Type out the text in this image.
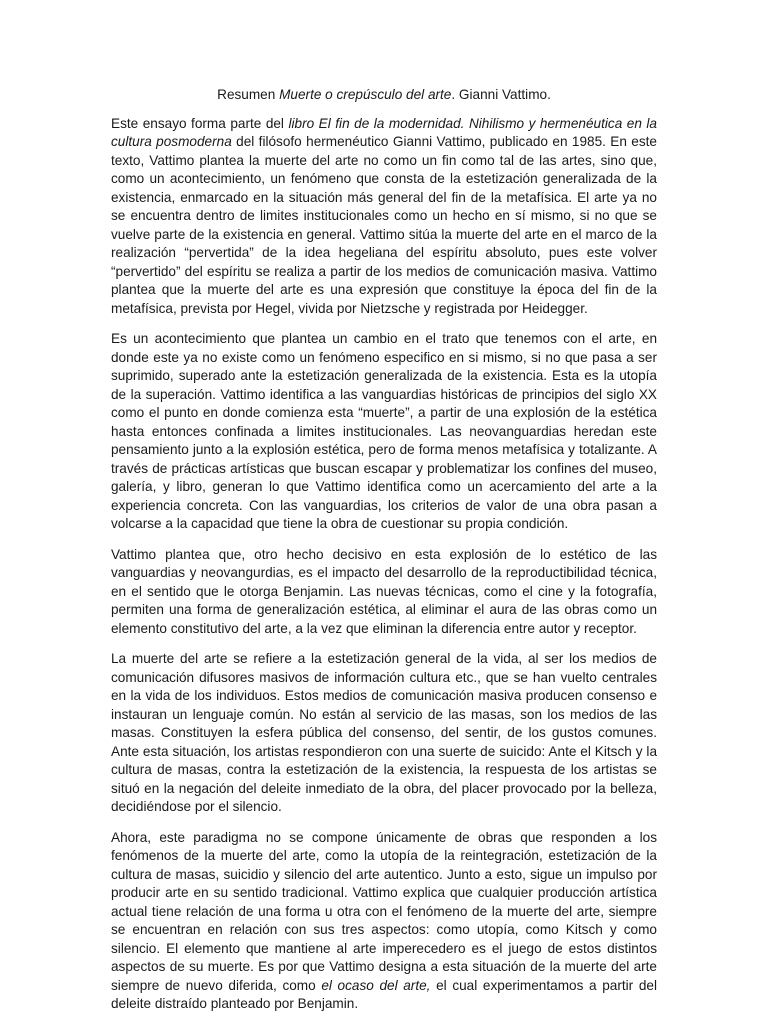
Resumen Muerte o crepúsculo del arte. Gianni Vattimo.

Este ensayo forma parte del libro El fin de la modernidad. Nihilismo y hermenéutica en la cultura posmoderna del filósofo hermenéutico Gianni Vattimo, publicado en 1985. En este texto, Vattimo plantea la muerte del arte no como un fin como tal de las artes, sino que, como un acontecimiento, un fenómeno que consta de la estetización generalizada de la existencia, enmarcado en la situación más general del fin de la metafísica. El arte ya no se encuentra dentro de limites institucionales como un hecho en sí mismo, si no que se vuelve parte de la existencia en general. Vattimo sitúa la muerte del arte en el marco de la realización “pervertida” de la idea hegeliana del espíritu absoluto, pues este volver “pervertido” del espíritu se realiza a partir de los medios de comunicación masiva. Vattimo plantea que la muerte del arte es una expresión que constituye la época del fin de la metafísica, prevista por Hegel, vivida por Nietzsche y registrada por Heidegger.

Es un acontecimiento que plantea un cambio en el trato que tenemos con el arte, en donde este ya no existe como un fenómeno especifico en si mismo, si no que pasa a ser suprimido, superado ante la estetización generalizada de la existencia. Esta es la utopía de la superación. Vattimo identifica a las vanguardias históricas de principios del siglo XX como el punto en donde comienza esta “muerte”, a partir de una explosión de la estética hasta entonces confinada a limites institucionales. Las neovanguardias heredan este pensamiento junto a la explosión estética, pero de forma menos metafísica y totalizante. A través de prácticas artísticas que buscan escapar y problematizar los confines del museo, galería, y libro, generan lo que Vattimo identifica como un acercamiento del arte a la experiencia concreta. Con las vanguardias, los criterios de valor de una obra pasan a volcarse a la capacidad que tiene la obra de cuestionar su propia condición.

Vattimo plantea que, otro hecho decisivo en esta explosión de lo estético de las vanguardias y neovangurdias, es el impacto del desarrollo de la reproductibilidad técnica, en el sentido que le otorga Benjamin. Las nuevas técnicas, como el cine y la fotografía, permiten una forma de generalización estética, al eliminar el aura de las obras como un elemento constitutivo del arte, a la vez que eliminan la diferencia entre autor y receptor.

La muerte del arte se refiere a la estetización general de la vida, al ser los medios de comunicación difusores masivos de información cultura etc., que se han vuelto centrales en la vida de los individuos. Estos medios de comunicación masiva producen consenso e instauran un lenguaje común. No están al servicio de las masas, son los medios de las masas. Constituyen la esfera pública del consenso, del sentir, de los gustos comunes. Ante esta situación, los artistas respondieron con una suerte de suicido: Ante el Kitsch y la cultura de masas, contra la estetización de la existencia, la respuesta de los artistas se situó en la negación del deleite inmediato de la obra, del placer provocado por la belleza, decidiéndose por el silencio.

Ahora, este paradigma no se compone únicamente de obras que responden a los fenómenos de la muerte del arte, como la utopía de la reintegración, estetización de la cultura de masas, suicidio y silencio del arte autentico. Junto a esto, sigue un impulso por producir arte en su sentido tradicional. Vattimo explica que cualquier producción artística actual tiene relación de una forma u otra con el fenómeno de la muerte del arte, siempre se encuentran en relación con sus tres aspectos: como utopía, como Kitsch y como silencio. El elemento que mantiene al arte imperecedero es el juego de estos distintos aspectos de su muerte. Es por que Vattimo designa a esta situación de la muerte del arte siempre de nuevo diferida, como el ocaso del arte, el cual experimentamos a partir del deleite distraído planteado por Benjamin.
